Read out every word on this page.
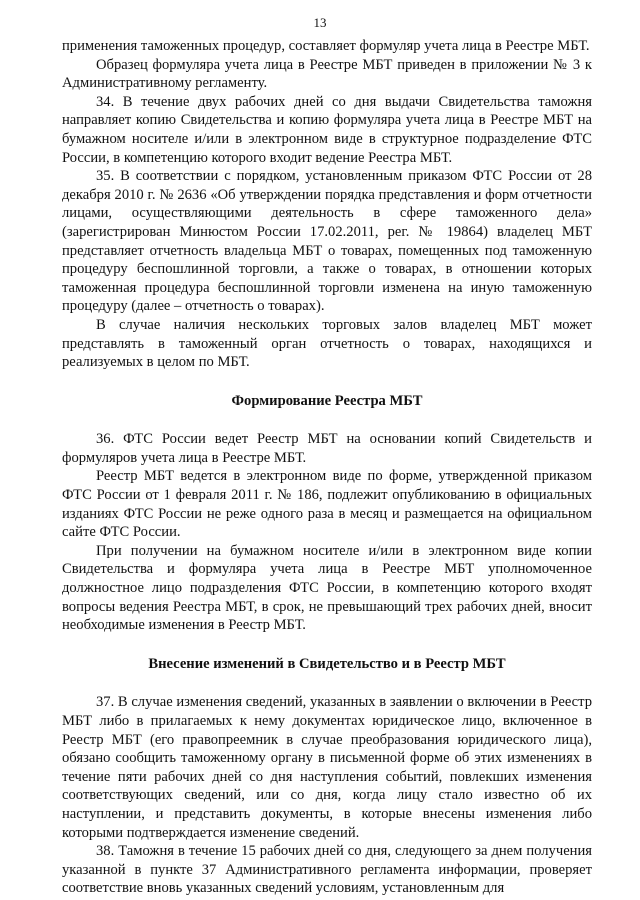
13

применения таможенных процедур, составляет формуляр учета лица в Реестре МБТ.

Образец формуляра учета лица в Реестре МБТ приведен в приложении № 3 к Административному регламенту.

34. В течение двух рабочих дней со дня выдачи Свидетельства таможня направляет копию Свидетельства и копию формуляра учета лица в Реестре МБТ на бумажном носителе и/или в электронном виде в структурное подразделение ФТС России, в компетенцию которого входит ведение Реестра МБТ.

35. В соответствии с порядком, установленным приказом ФТС России от 28 декабря 2010 г. № 2636 «Об утверждении порядка представления и форм отчетности лицами, осуществляющими деятельность в сфере таможенного дела» (зарегистрирован Минюстом России 17.02.2011, рег. № 19864) владелец МБТ представляет отчетность владельца МБТ о товарах, помещенных под таможенную процедуру беспошлинной торговли, а также о товарах, в отношении которых таможенная процедура беспошлинной торговли изменена на иную таможенную процедуру (далее – отчетность о товарах).

В случае наличия нескольких торговых залов владелец МБТ может представлять в таможенный орган отчетность о товарах, находящихся и реализуемых в целом по МБТ.

Формирование Реестра МБТ

36. ФТС России ведет Реестр МБТ на основании копий Свидетельств и формуляров учета лица в Реестре МБТ.

Реестр МБТ ведется в электронном виде по форме, утвержденной приказом ФТС России от 1 февраля 2011 г. № 186, подлежит опубликованию в официальных изданиях ФТС России не реже одного раза в месяц и размещается на официальном сайте ФТС России.

При получении на бумажном носителе и/или в электронном виде копии Свидетельства и формуляра учета лица в Реестре МБТ уполномоченное должностное лицо подразделения ФТС России, в компетенцию которого входят вопросы ведения Реестра МБТ, в срок, не превышающий трех рабочих дней, вносит необходимые изменения в Реестр МБТ.

Внесение изменений в Свидетельство и в Реестр МБТ

37. В случае изменения сведений, указанных в заявлении о включении в Реестр МБТ либо в прилагаемых к нему документах юридическое лицо, включенное в Реестр МБТ (его правопреемник в случае преобразования юридического лица), обязано сообщить таможенному органу в письменной форме об этих изменениях в течение пяти рабочих дней со дня наступления событий, повлекших изменения соответствующих сведений, или со дня, когда лицу стало известно об их наступлении, и представить документы, в которые внесены изменения либо которыми подтверждается изменение сведений.

38. Таможня в течение 15 рабочих дней со дня, следующего за днем получения указанной в пункте 37 Административного регламента информации, проверяет соответствие вновь указанных сведений условиям, установленным для
